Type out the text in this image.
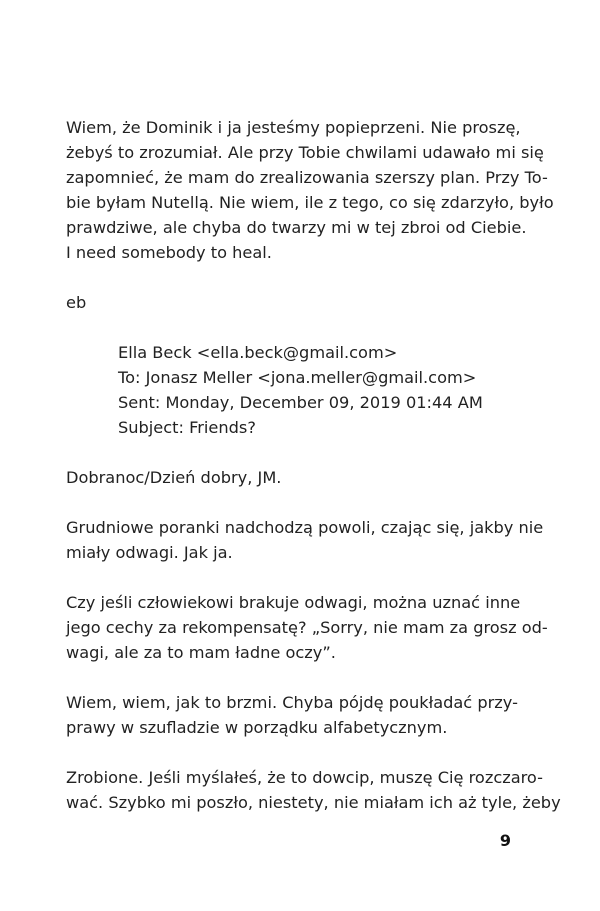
Wiem, że Dominik i ja jesteśmy popieprzeni. Nie proszę,
żebyś to zrozumiał. Ale przy Tobie chwilami udawało mi się
zapomnieć, że mam do zrealizowania szerszy plan. Przy To-
bie byłam Nutellą. Nie wiem, ile z tego, co się zdarzyło, było
prawdziwe, ale chyba do twarzy mi w tej zbroi od Ciebie.
I need somebody to heal.
eb
Ella Beck <ella.beck@gmail.com>
To: Jonasz Meller <jona.meller@gmail.com>
Sent: Monday, December 09, 2019 01:44 AM
Subject: Friends?
Dobranoc/Dzień dobry, JM.
Grudniowe poranki nadchodzą powoli, czając się, jakby nie
miały odwagi. Jak ja.
Czy jeśli człowiekowi brakuje odwagi, można uznać inne
jego cechy za rekompensatę? „Sorry, nie mam za grosz od-
wagi, ale za to mam ładne oczy”.
Wiem, wiem, jak to brzmi. Chyba pójdę poukładać przy-
prawy w szufladzie w porządku alfabetycznym.
Zrobione. Jeśli myślałeś, że to dowcip, muszę Cię rozczaro-
wać. Szybko mi poszło, niestety, nie miałam ich aż tyle, żeby
9
